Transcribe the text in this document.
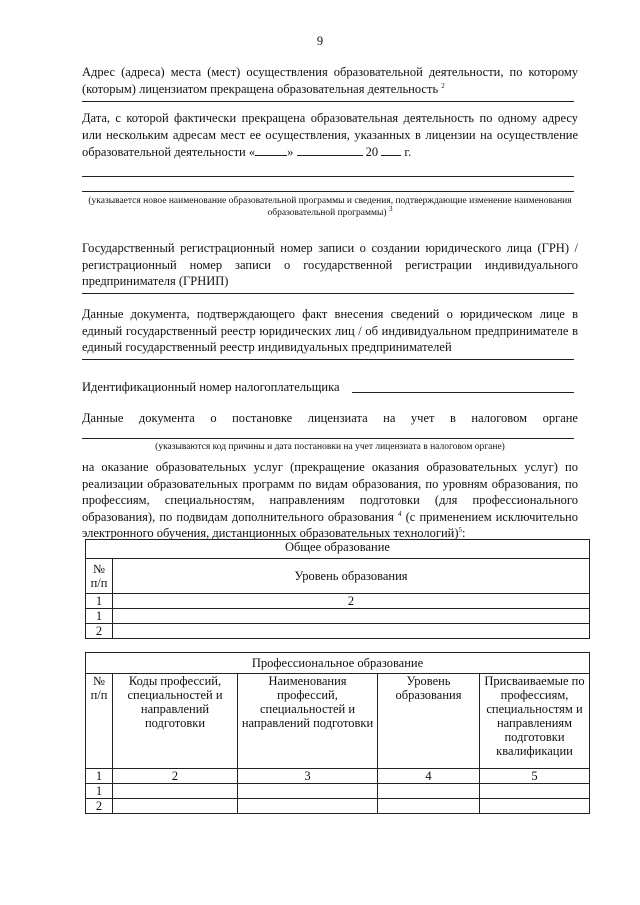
9
Адрес (адреса) места (мест) осуществления образовательной деятельности, по которому (которым) лицензиатом прекращена образовательная деятельность $^2$
Дата, с которой фактически прекращена образовательная деятельность по одному адресу или нескольким адресам мест ее осуществления, указанных в лицензии на осуществление образовательной деятельности «	»	20 г.
(указывается новое наименование образовательной программы и сведения, подтверждающие изменение наименования образовательной программы) $^3$
Государственный регистрационный номер записи о создании юридического лица (ГРН) / регистрационный номер записи о государственной регистрации индивидуального предпринимателя (ГРНИП)
Данные документа, подтверждающего факт внесения сведений о юридическом лице в единый государственный реестр юридических лиц / об индивидуальном предпринимателе в единый государственный реестр индивидуальных предпринимателей
Идентификационный номер налогоплательщика
Данные документа о постановке лицензиата на учет в налоговом органе
(указываются код причины и дата постановки на учет лицензиата в налоговом органе)
на оказание образовательных услуг (прекращение оказания образовательных услуг) по реализации образовательных программ по видам образования, по уровням образования, по профессиям, специальностям, направлениям подготовки (для профессионального образования), по подвидам дополнительного образования $^4$ (с применением исключительно электронного обучения, дистанционных образовательных технологий)$^5$:
Общее образование	
№ п/п	Уровень образования
1	2
1	
2	
Профессиональное образование				
№ п/п	Коды профессий, специальностей и направлений подготовки	Наименования профессий, специальностей и направлений подготовки	Уровень образования	Присваиваемые по профессиям, специальностям и направлениям подготовки квалификации
1	2	3	4	5
1				
2				
